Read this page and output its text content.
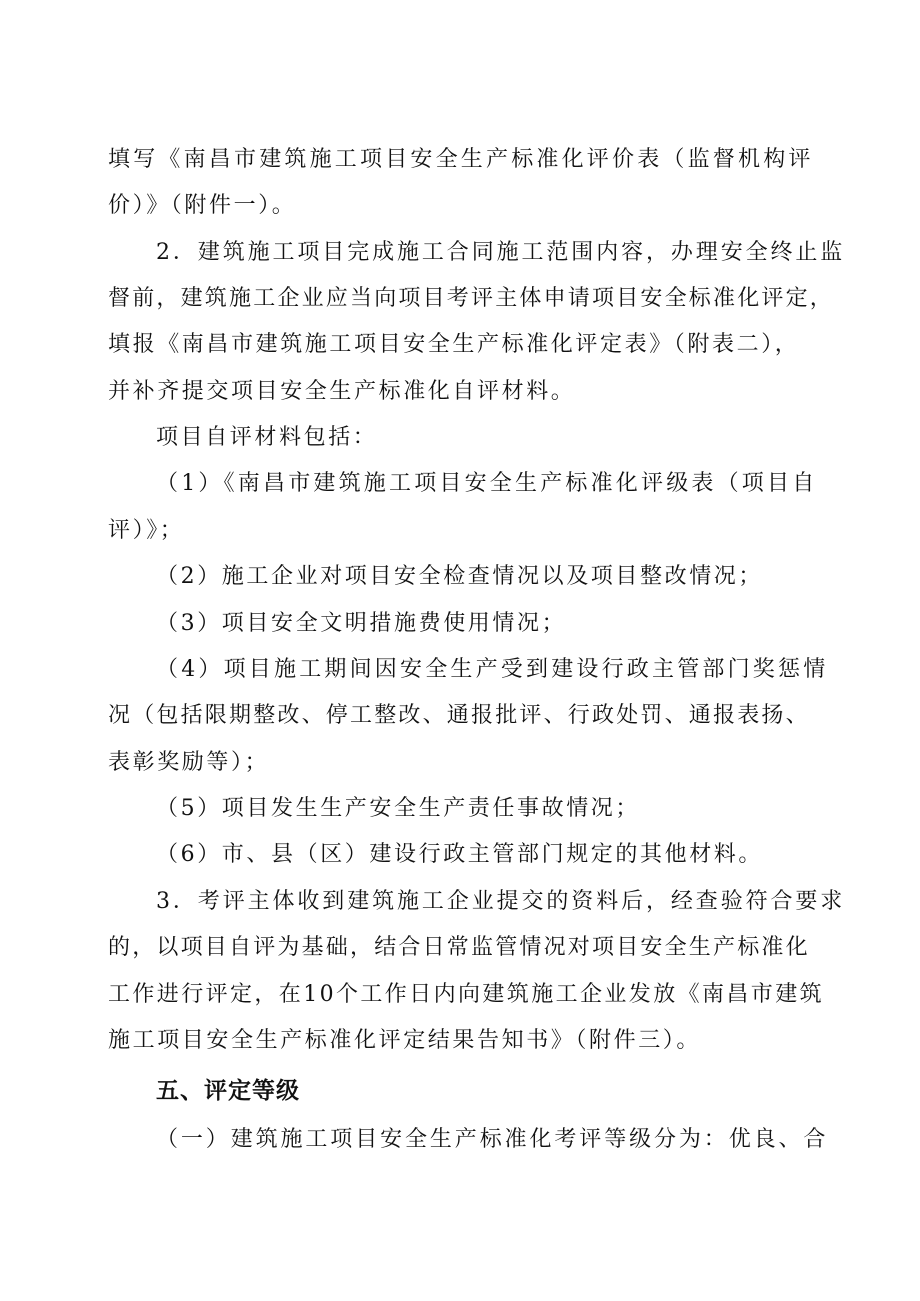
填写《南昌市建筑施工项目安全生产标准化评价表（监督机构评
价）》（附件一）。
2．建筑施工项目完成施工合同施工范围内容，办理安全终止监
督前，建筑施工企业应当向项目考评主体申请项目安全标准化评定，
填报《南昌市建筑施工项目安全生产标准化评定表》（附表二），
并补齐提交项目安全生产标准化自评材料。
项目自评材料包括：
（1）《南昌市建筑施工项目安全生产标准化评级表（项目自
评）》；
（2）施工企业对项目安全检查情况以及项目整改情况；
（3）项目安全文明措施费使用情况；
（4）项目施工期间因安全生产受到建设行政主管部门奖惩情
况（包括限期整改、停工整改、通报批评、行政处罚、通报表扬、
表彰奖励等）；
（5）项目发生生产安全生产责任事故情况；
（6）市、县（区）建设行政主管部门规定的其他材料。
3．考评主体收到建筑施工企业提交的资料后，经查验符合要求
的，以项目自评为基础，结合日常监管情况对项目安全生产标准化
工作进行评定，在10个工作日内向建筑施工企业发放《南昌市建筑
施工项目安全生产标准化评定结果告知书》（附件三）。
五、评定等级
（一）建筑施工项目安全生产标准化考评等级分为：优良、合
